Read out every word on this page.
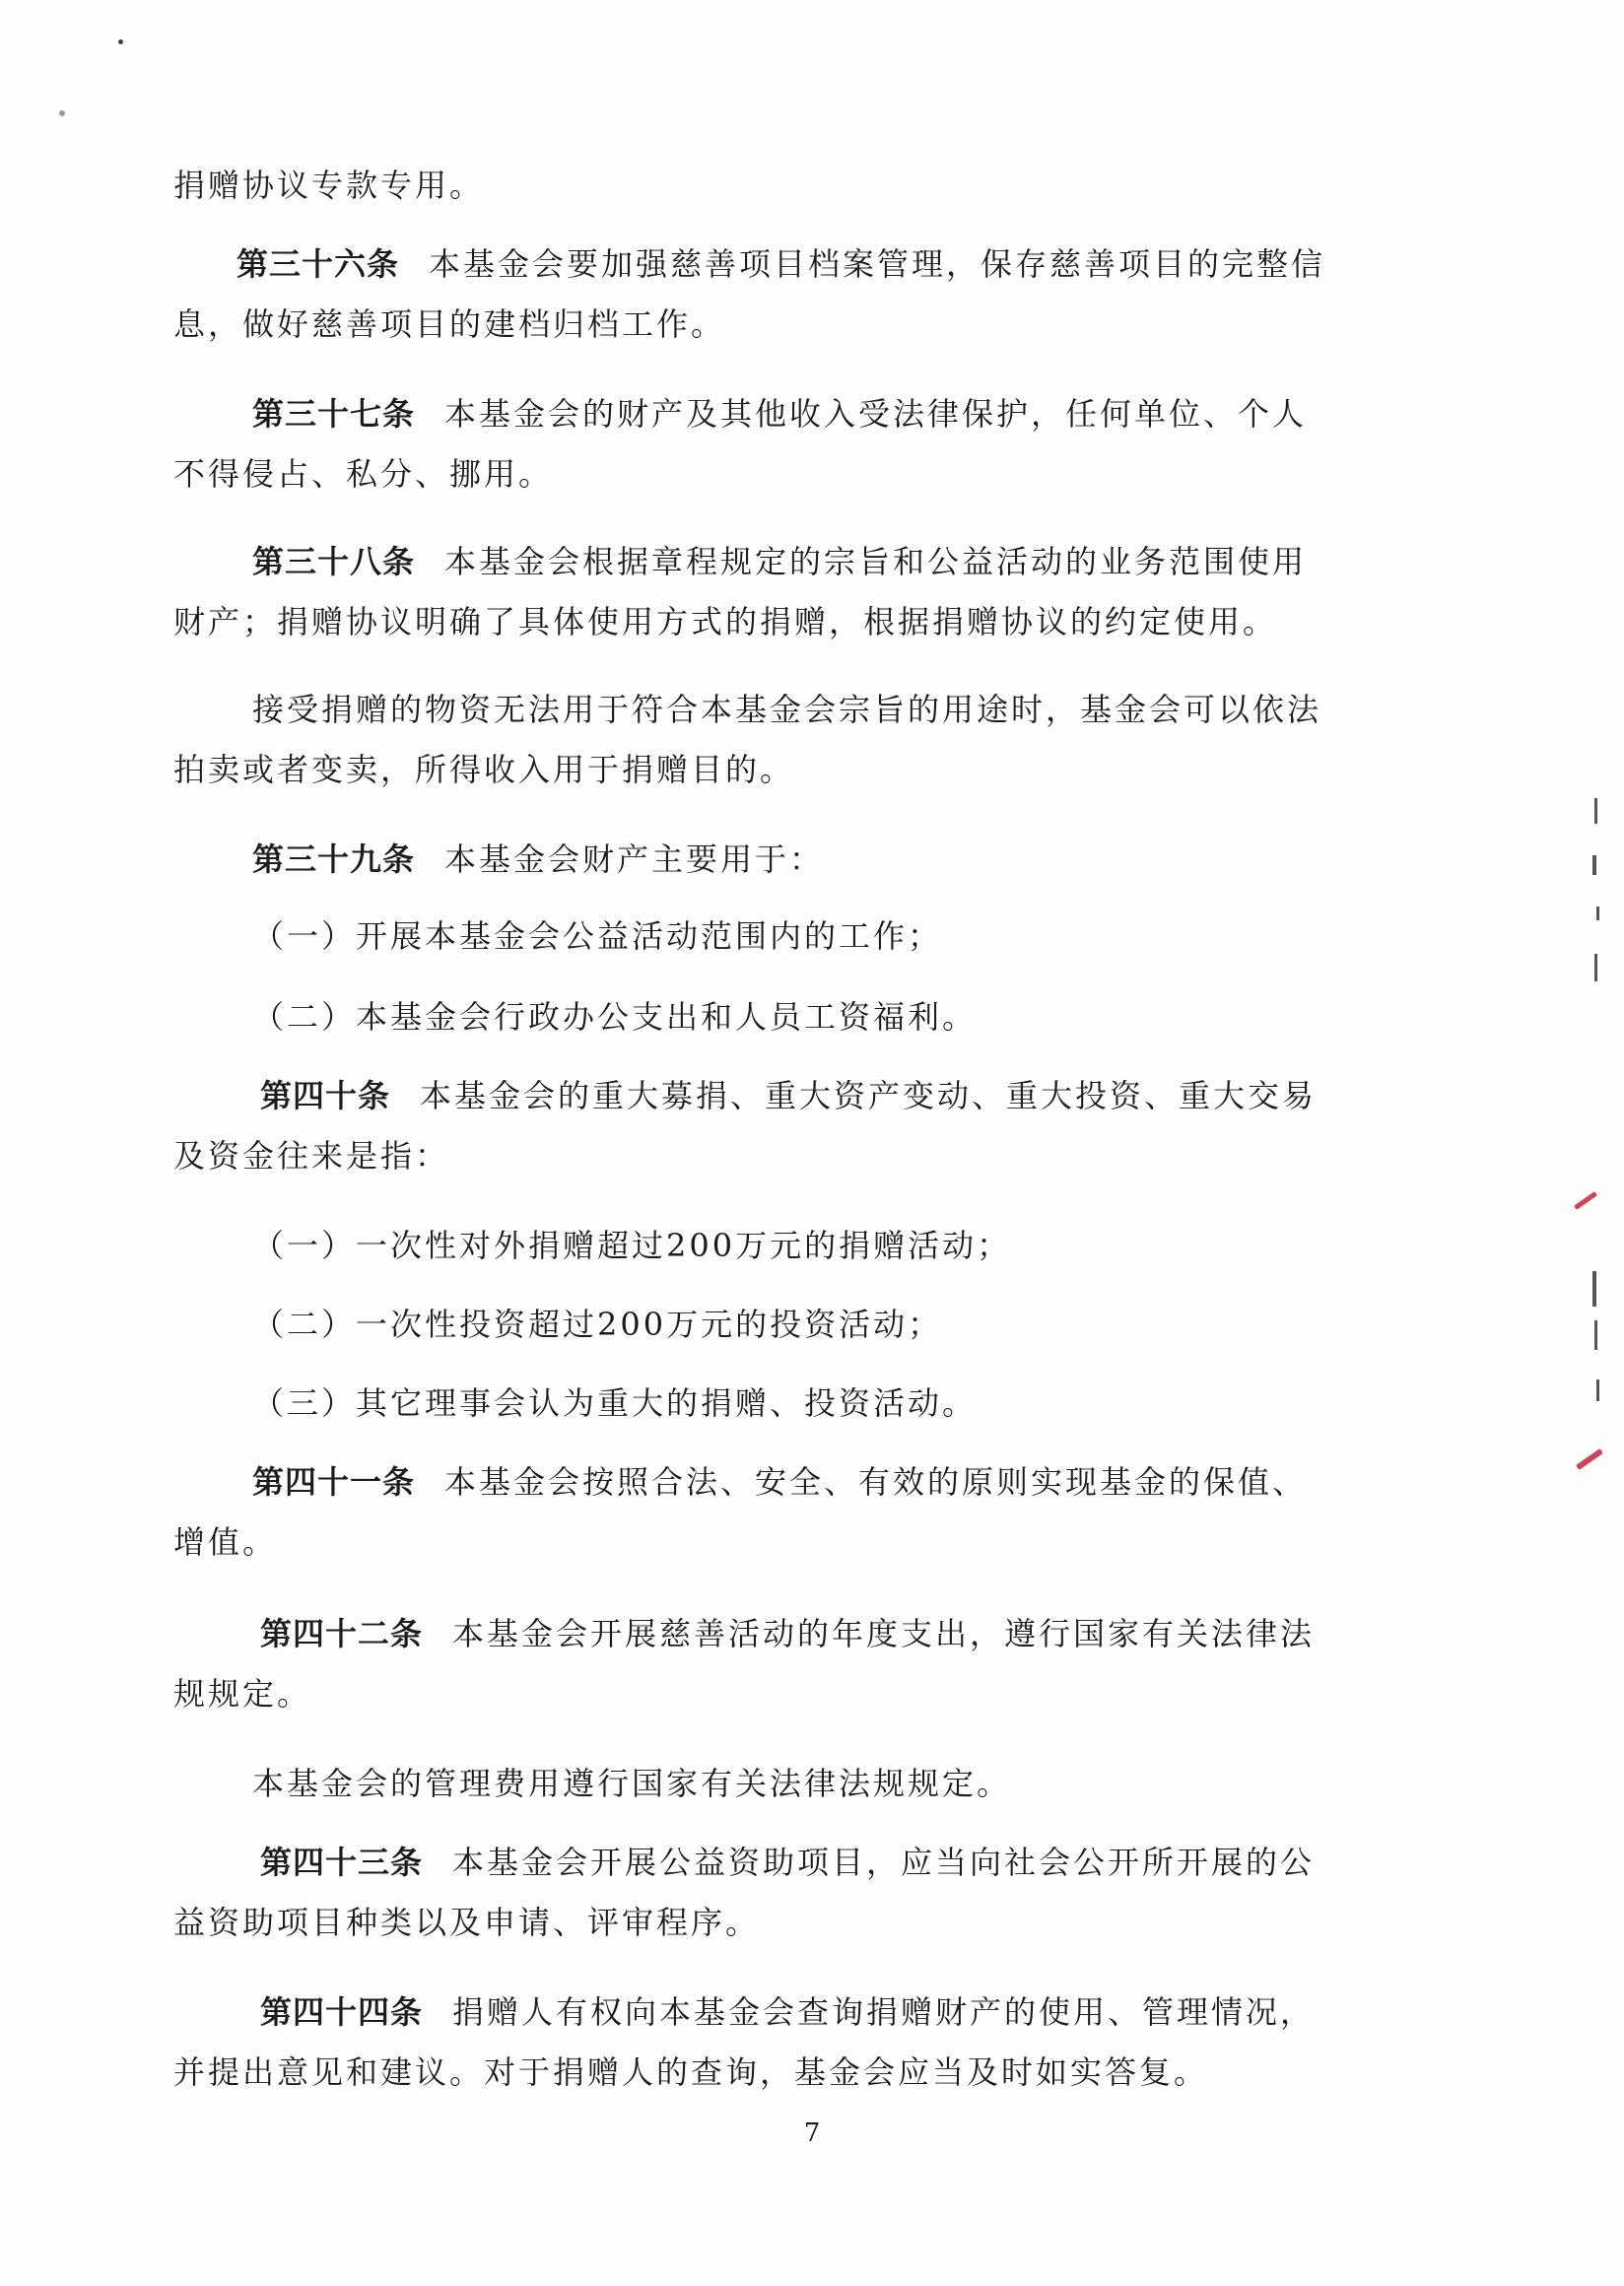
捐赠协议专款专用。

第三十六条 本基金会要加强慈善项目档案管理，保存慈善项目的完整信息，做好慈善项目的建档归档工作。

第三十七条 本基金会的财产及其他收入受法律保护，任何单位、个人不得侵占、私分、挪用。

第三十八条 本基金会根据章程规定的宗旨和公益活动的业务范围使用财产；捐赠协议明确了具体使用方式的捐赠，根据捐赠协议的约定使用。

接受捐赠的物资无法用于符合本基金会宗旨的用途时，基金会可以依法拍卖或者变卖，所得收入用于捐赠目的。

第三十九条 本基金会财产主要用于：

（一）开展本基金会公益活动范围内的工作；

（二）本基金会行政办公支出和人员工资福利。

第四十条 本基金会的重大募捐、重大资产变动、重大投资、重大交易及资金往来是指：

（一）一次性对外捐赠超过200万元的捐赠活动；

（二）一次性投资超过200万元的投资活动；

（三）其它理事会认为重大的捐赠、投资活动。

第四十一条 本基金会按照合法、安全、有效的原则实现基金的保值、增值。

第四十二条 本基金会开展慈善活动的年度支出，遵行国家有关法律法规规定。

本基金会的管理费用遵行国家有关法律法规规定。

第四十三条 本基金会开展公益资助项目，应当向社会公开所开展的公益资助项目种类以及申请、评审程序。

第四十四条 捐赠人有权向本基金会查询捐赠财产的使用、管理情况，并提出意见和建议。对于捐赠人的查询，基金会应当及时如实答复。

7
